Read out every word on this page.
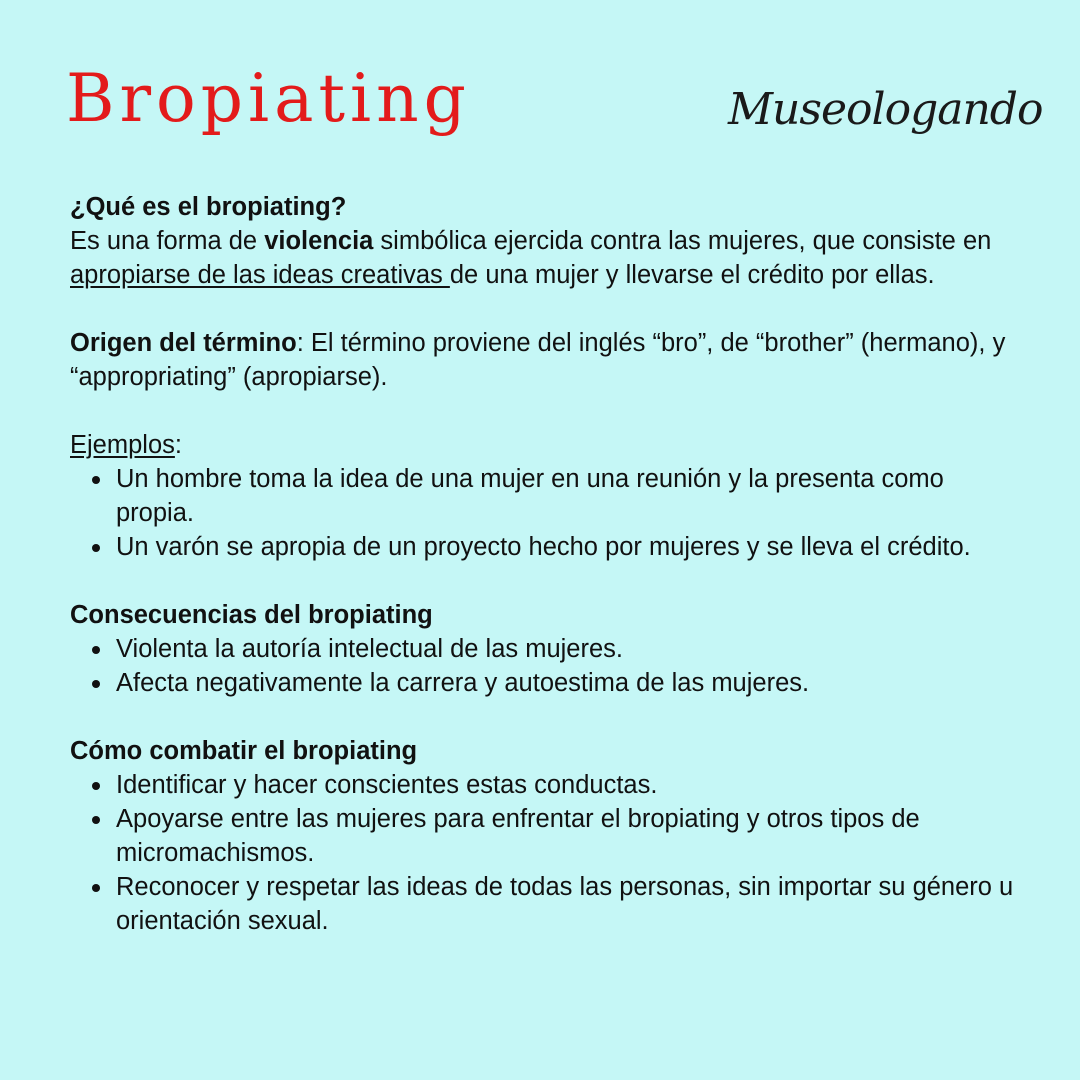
Bropiating	Museologando

¿Qué es el bropiating?

Es una forma de violencia simbólica ejercida contra las mujeres, que consiste en apropiarse de las ideas creativas de una mujer y llevarse el crédito por ellas.

Origen del término: El término proviene del inglés “bro”, de “brother” (hermano), y “appropriating” (apropiarse).

Ejemplos:

Un hombre toma la idea de una mujer en una reunión y la presenta como propia.
Un varón se apropia de un proyecto hecho por mujeres y se lleva el crédito.

Consecuencias del bropiating

Violenta la autoría intelectual de las mujeres.
Afecta negativamente la carrera y autoestima de las mujeres.

Cómo combatir el bropiating

Identificar y hacer conscientes estas conductas.
Apoyarse entre las mujeres para enfrentar el bropiating y otros tipos de micromachismos.
Reconocer y respetar las ideas de todas las personas, sin importar su género u orientación sexual.
